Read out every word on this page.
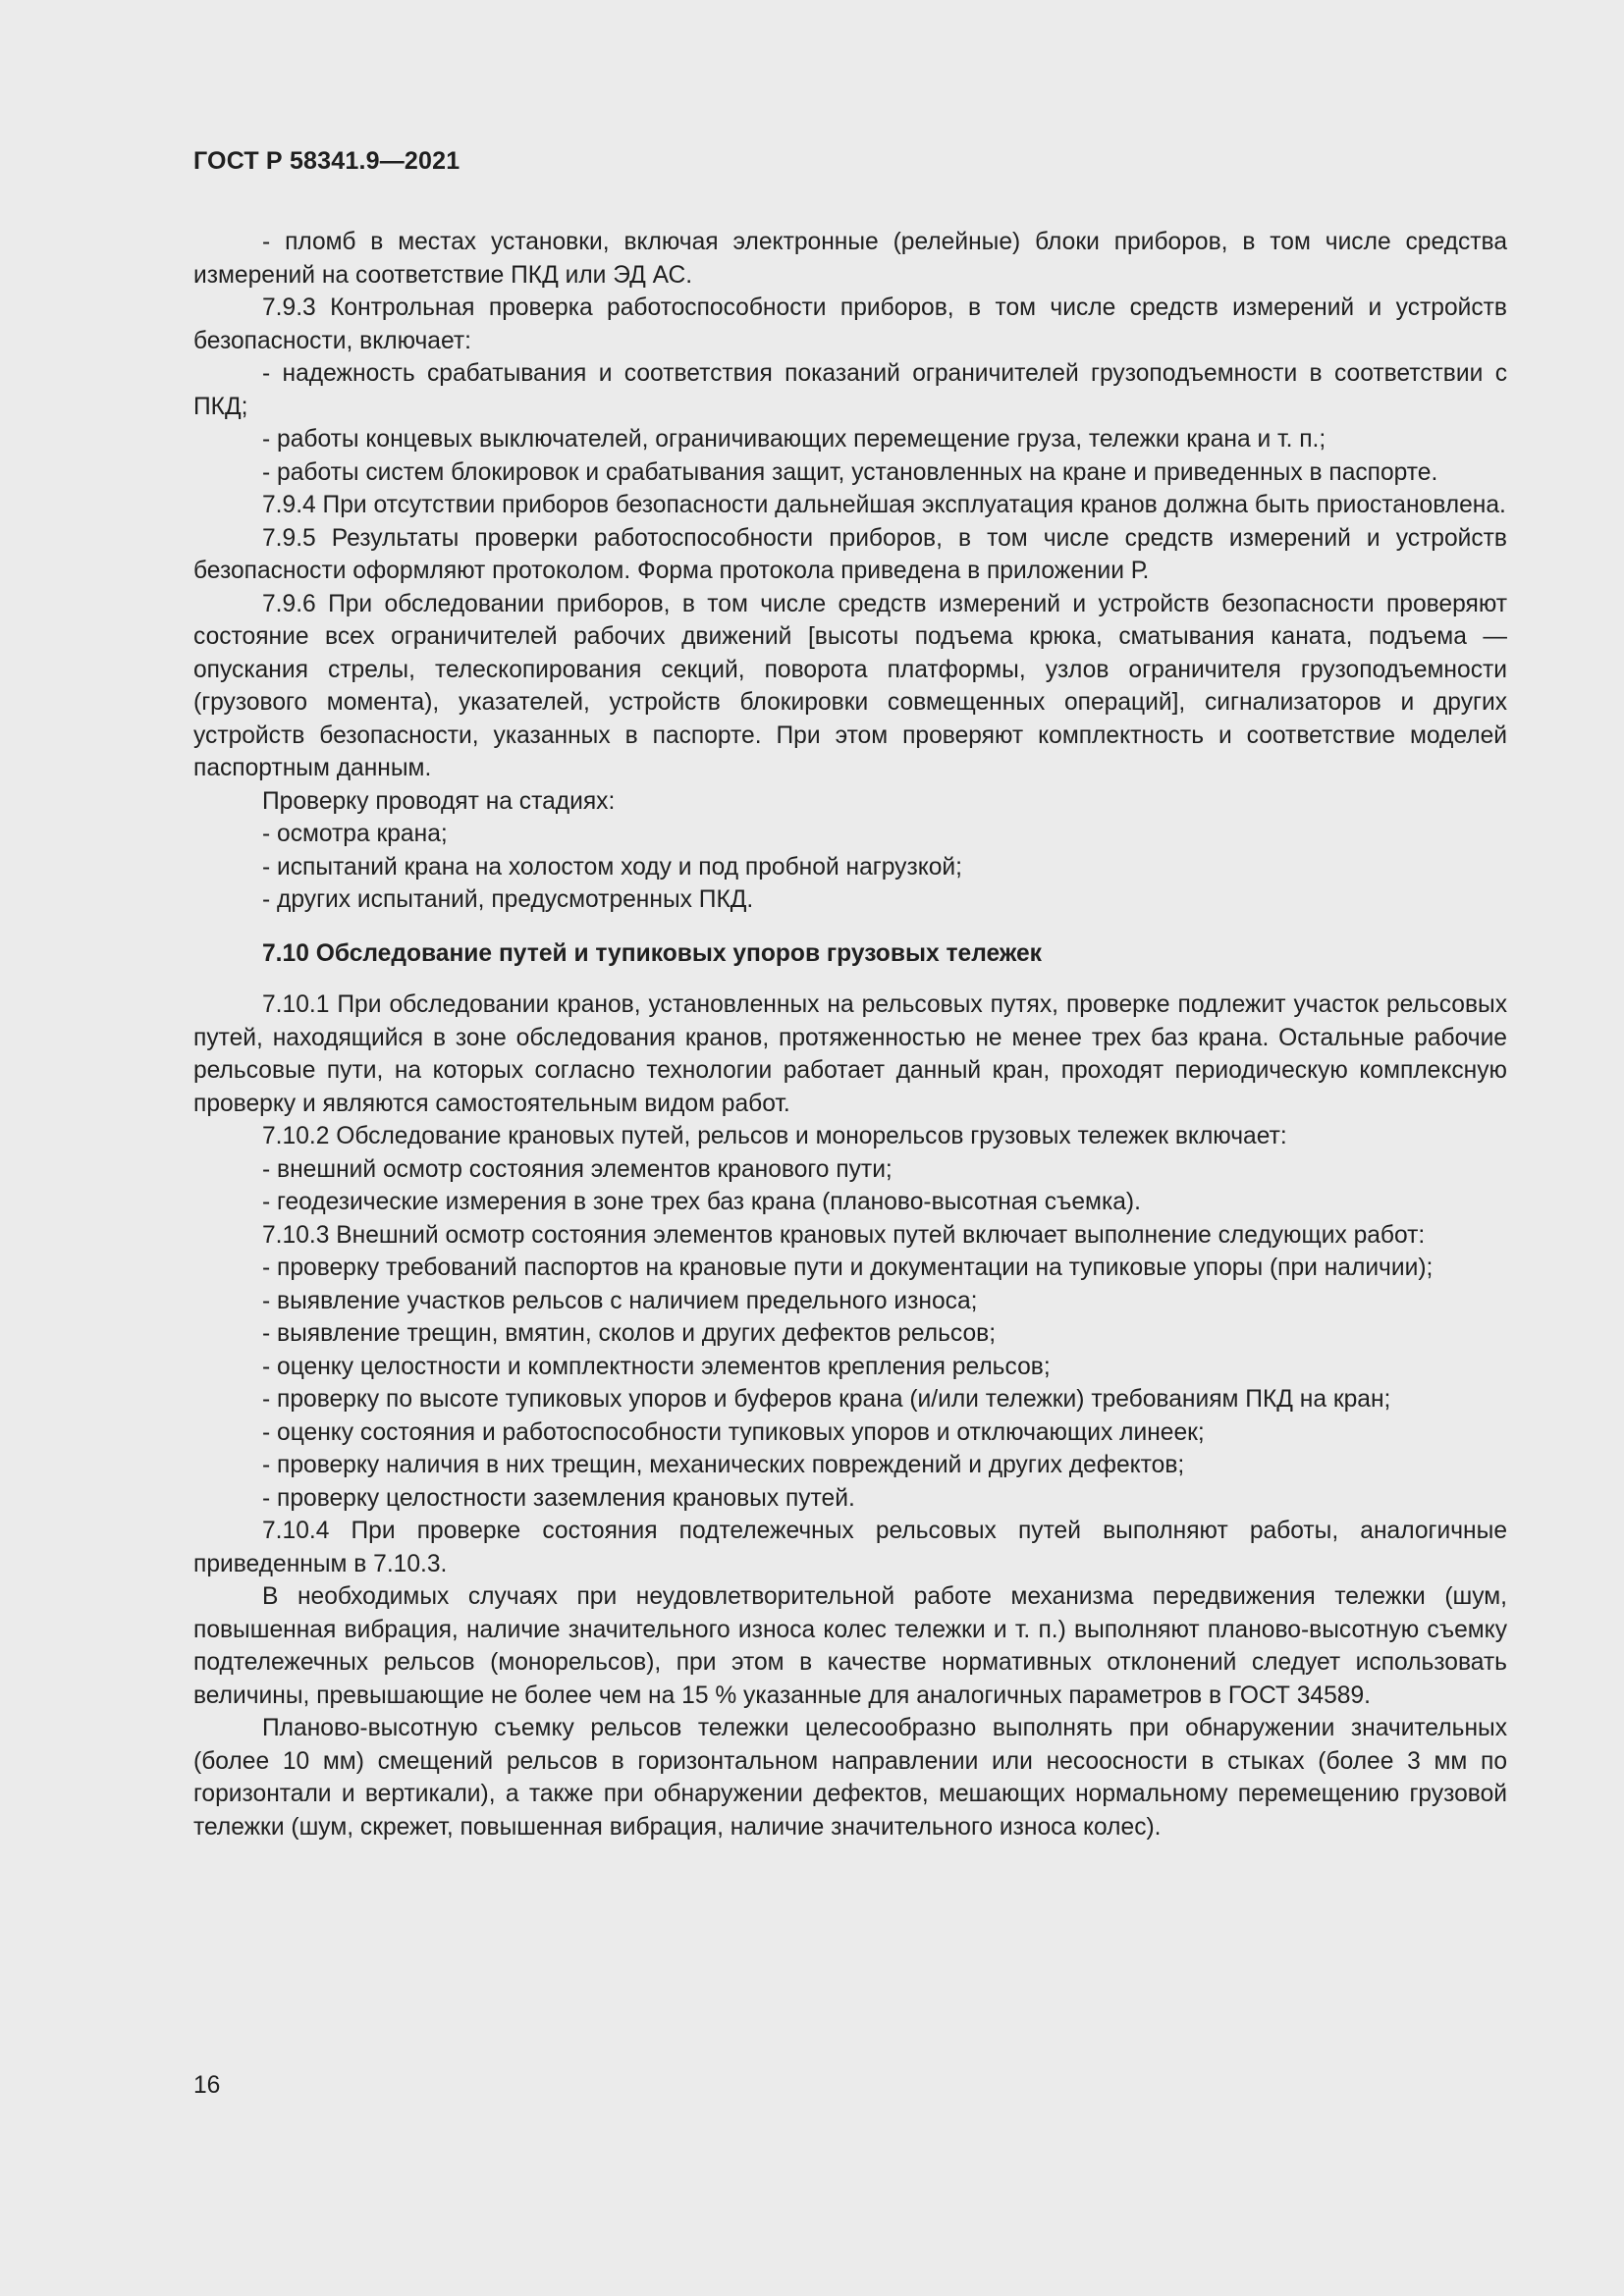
ГОСТ Р 58341.9—2021

- пломб в местах установки, включая электронные (релейные) блоки приборов, в том числе средства измерений на соответствие ПКД или ЭД АС.

7.9.3 Контрольная проверка работоспособности приборов, в том числе средств измерений и устройств безопасности, включает:

- надежность срабатывания и соответствия показаний ограничителей грузоподъемности в соответствии с ПКД;

- работы концевых выключателей, ограничивающих перемещение груза, тележки крана и т. п.;

- работы систем блокировок и срабатывания защит, установленных на кране и приведенных в паспорте.

7.9.4 При отсутствии приборов безопасности дальнейшая эксплуатация кранов должна быть приостановлена.

7.9.5 Результаты проверки работоспособности приборов, в том числе средств измерений и устройств безопасности оформляют протоколом. Форма протокола приведена в приложении Р.

7.9.6 При обследовании приборов, в том числе средств измерений и устройств безопасности проверяют состояние всех ограничителей рабочих движений [высоты подъема крюка, сматывания каната, подъема — опускания стрелы, телескопирования секций, поворота платформы, узлов ограничителя грузоподъемности (грузового момента), указателей, устройств блокировки совмещенных операций], сигнализаторов и других устройств безопасности, указанных в паспорте. При этом проверяют комплектность и соответствие моделей паспортным данным.

Проверку проводят на стадиях:

- осмотра крана;

- испытаний крана на холостом ходу и под пробной нагрузкой;

- других испытаний, предусмотренных ПКД.

7.10 Обследование путей и тупиковых упоров грузовых тележек

7.10.1 При обследовании кранов, установленных на рельсовых путях, проверке подлежит участок рельсовых путей, находящийся в зоне обследования кранов, протяженностью не менее трех баз крана. Остальные рабочие рельсовые пути, на которых согласно технологии работает данный кран, проходят периодическую комплексную проверку и являются самостоятельным видом работ.

7.10.2 Обследование крановых путей, рельсов и монорельсов грузовых тележек включает:

- внешний осмотр состояния элементов кранового пути;

- геодезические измерения в зоне трех баз крана (планово-высотная съемка).

7.10.3 Внешний осмотр состояния элементов крановых путей включает выполнение следующих работ:

- проверку требований паспортов на крановые пути и документации на тупиковые упоры (при наличии);

- выявление участков рельсов с наличием предельного износа;

- выявление трещин, вмятин, сколов и других дефектов рельсов;

- оценку целостности и комплектности элементов крепления рельсов;

- проверку по высоте тупиковых упоров и буферов крана (и/или тележки) требованиям ПКД на кран;

- оценку состояния и работоспособности тупиковых упоров и отключающих линеек;

- проверку наличия в них трещин, механических повреждений и других дефектов;

- проверку целостности заземления крановых путей.

7.10.4 При проверке состояния подтележечных рельсовых путей выполняют работы, аналогичные приведенным в 7.10.3.

В необходимых случаях при неудовлетворительной работе механизма передвижения тележки (шум, повышенная вибрация, наличие значительного износа колес тележки и т. п.) выполняют планово-высотную съемку подтележечных рельсов (монорельсов), при этом в качестве нормативных отклонений следует использовать величины, превышающие не более чем на 15 % указанные для аналогичных параметров в ГОСТ 34589.

Планово-высотную съемку рельсов тележки целесообразно выполнять при обнаружении значительных (более 10 мм) смещений рельсов в горизонтальном направлении или несоосности в стыках (более 3 мм по горизонтали и вертикали), а также при обнаружении дефектов, мешающих нормальному перемещению грузовой тележки (шум, скрежет, повышенная вибрация, наличие значительного износа колес).

16
